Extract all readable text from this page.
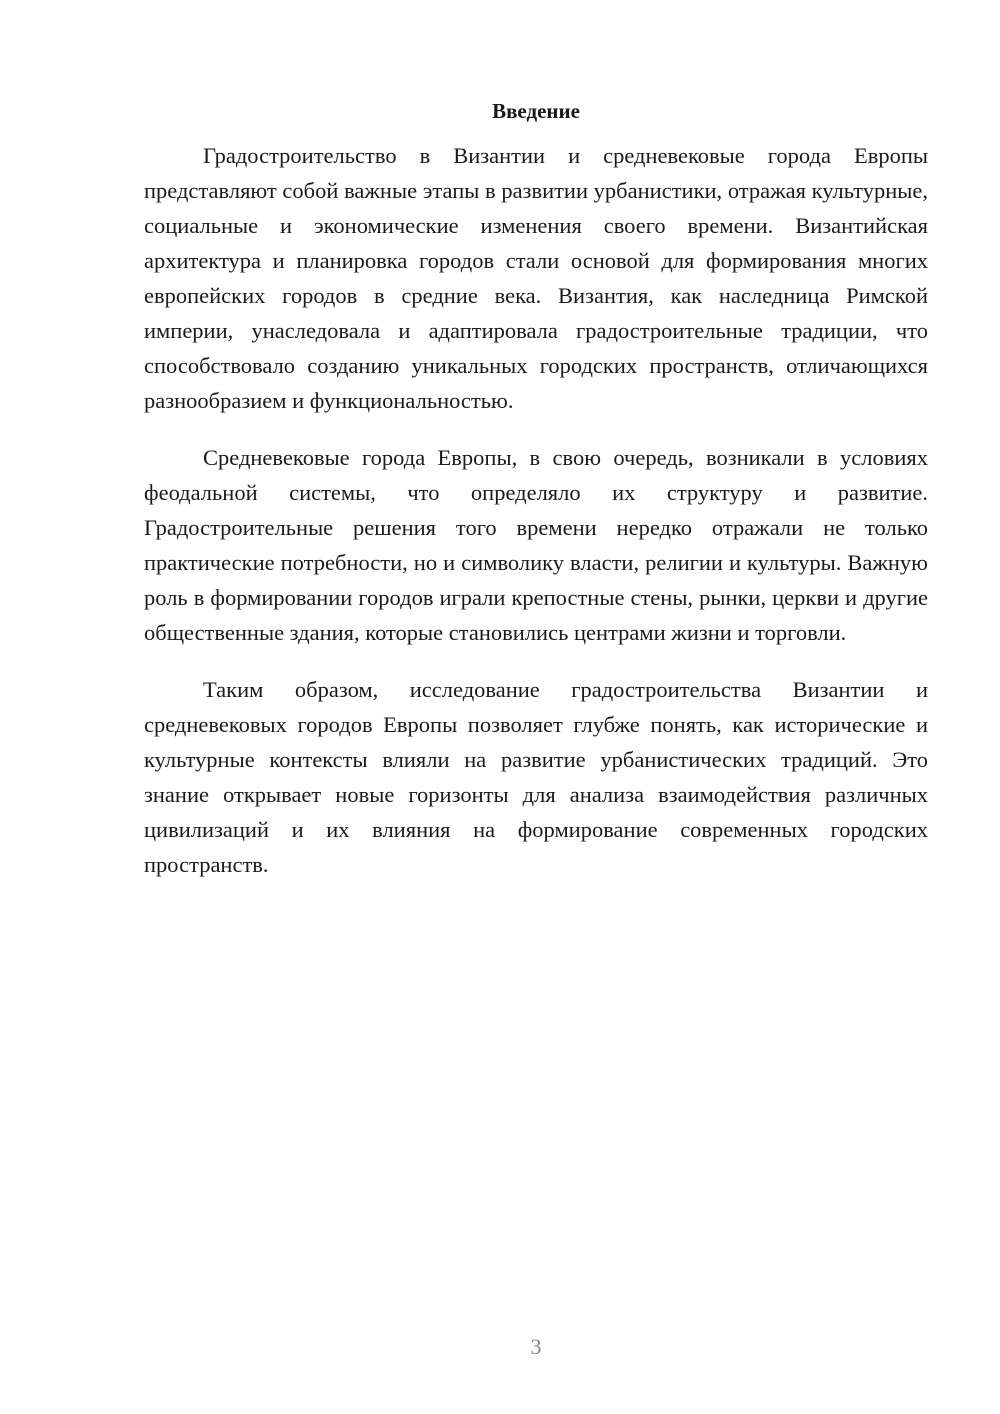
Введение

Градостроительство в Византии и средневековые города Европы представляют собой важные этапы в развитии урбанистики, отражая культурные, социальные и экономические изменения своего времени. Византийская архитектура и планировка городов стали основой для формирования многих европейских городов в средние века. Византия, как наследница Римской империи, унаследовала и адаптировала градостроительные традиции, что способствовало созданию уникальных городских пространств, отличающихся разнообразием и функциональностью.

Средневековые города Европы, в свою очередь, возникали в условиях феодальной системы, что определяло их структуру и развитие. Градостроительные решения того времени нередко отражали не только практические потребности, но и символику власти, религии и культуры. Важную роль в формировании городов играли крепостные стены, рынки, церкви и другие общественные здания, которые становились центрами жизни и торговли.

Таким образом, исследование градостроительства Византии и средневековых городов Европы позволяет глубже понять, как исторические и культурные контексты влияли на развитие урбанистических традиций. Это знание открывает новые горизонты для анализа взаимодействия различных цивилизаций и их влияния на формирование современных городских пространств.

3
